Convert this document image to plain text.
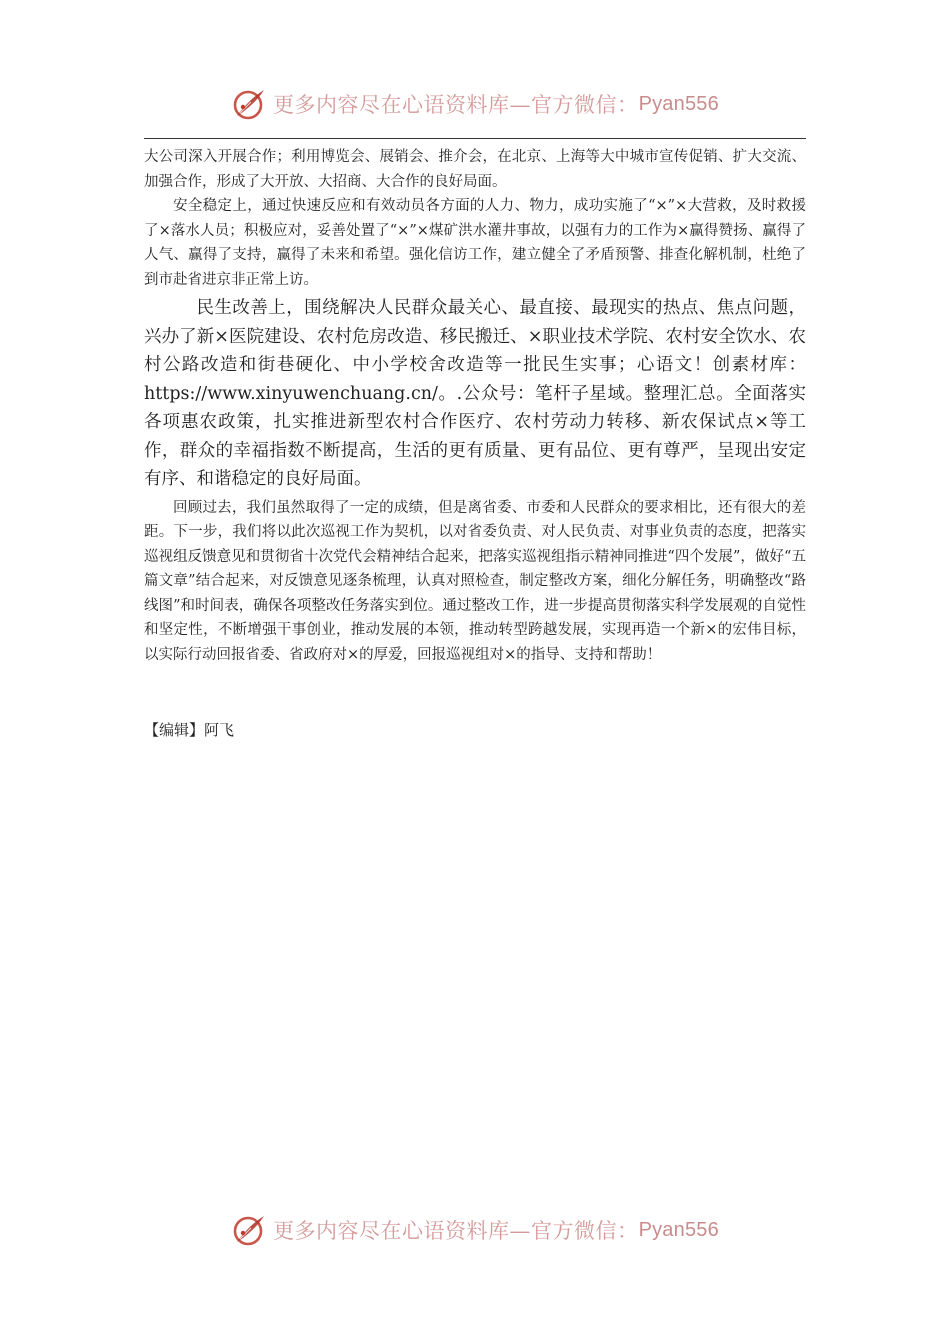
更多内容尽在心语资料库—官方微信： Pyan556

大公司深入开展合作；利用博览会、展销会、推介会，在北京、上海等大中城市宣传促销、扩大交流、加强合作，形成了大开放、大招商、大合作的良好局面。

安全稳定上，通过快速反应和有效动员各方面的人力、物力，成功实施了“×”×大营救，及时救援了×落水人员；积极应对，妥善处置了“×”×煤矿洪水灌井事故，以强有力的工作为×赢得赞扬、赢得了人气、赢得了支持，赢得了未来和希望。强化信访工作，建立健全了矛盾预警、排查化解机制，杜绝了到市赴省进京非正常上访。

民生改善上，围绕解决人民群众最关心、最直接、最现实的热点、焦点问题，兴办了新×医院建设、农村危房改造、移民搬迁、×职业技术学院、农村安全饮水、农村公路改造和街巷硬化、中小学校舍改造等一批民生实事；心语文！创素材库：https://www.xinyuwenchuang.cn/。.公众号：笔杆子星域。整理汇总。全面落实各项惠农政策，扎实推进新型农村合作医疗、农村劳动力转移、新农保试点×等工作，群众的幸福指数不断提高，生活的更有质量、更有品位、更有尊严，呈现出安定有序、和谐稳定的良好局面。

回顾过去，我们虽然取得了一定的成绩，但是离省委、市委和人民群众的要求相比，还有很大的差距。下一步，我们将以此次巡视工作为契机，以对省委负责、对人民负责、对事业负责的态度，把落实巡视组反馈意见和贯彻省十次党代会精神结合起来，把落实巡视组指示精神同推进“四个发展”，做好“五篇文章”结合起来，对反馈意见逐条梳理，认真对照检查，制定整改方案，细化分解任务，明确整改“路线图”和时间表，确保各项整改任务落实到位。通过整改工作，进一步提高贯彻落实科学发展观的自觉性和坚定性，不断增强干事创业，推动发展的本领，推动转型跨越发展，实现再造一个新×的宏伟目标，以实际行动回报省委、省政府对×的厚爱，回报巡视组对×的指导、支持和帮助！

【编辑】阿飞
更多内容尽在心语资料库—官方微信： Pyan556
